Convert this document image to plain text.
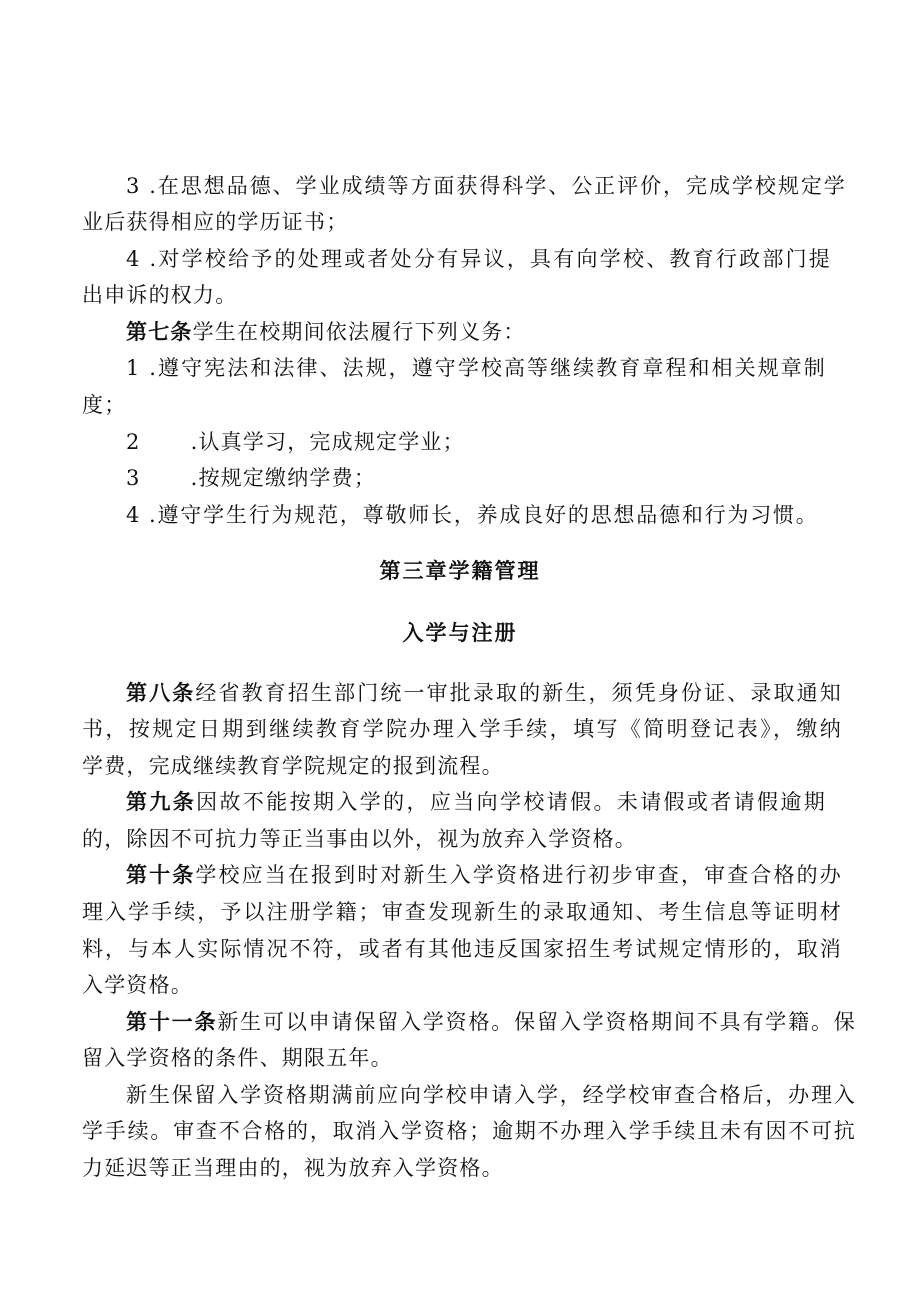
3 .在思想品德、学业成绩等方面获得科学、公正评价，完成学校规定学
业后获得相应的学历证书；
4 .对学校给予的处理或者处分有异议，具有向学校、教育行政部门提
出申诉的权力。
第七条学生在校期间依法履行下列义务：
1 .遵守宪法和法律、法规，遵守学校高等继续教育章程和相关规章制
度；
2 .认真学习，完成规定学业；
3 .按规定缴纳学费；
4 .遵守学生行为规范，尊敬师长，养成良好的思想品德和行为习惯。
第三章学籍管理
入学与注册
第八条经省教育招生部门统一审批录取的新生，须凭身份证、录取通知
书，按规定日期到继续教育学院办理入学手续，填写《简明登记表》，缴纳
学费，完成继续教育学院规定的报到流程。
第九条因故不能按期入学的，应当向学校请假。未请假或者请假逾期
的，除因不可抗力等正当事由以外，视为放弃入学资格。
第十条学校应当在报到时对新生入学资格进行初步审查，审查合格的办
理入学手续，予以注册学籍；审查发现新生的录取通知、考生信息等证明材
料，与本人实际情况不符，或者有其他违反国家招生考试规定情形的，取消
入学资格。
第十一条新生可以申请保留入学资格。保留入学资格期间不具有学籍。保
留入学资格的条件、期限五年。
新生保留入学资格期满前应向学校申请入学，经学校审查合格后，办理入
学手续。审查不合格的，取消入学资格；逾期不办理入学手续且未有因不可抗
力延迟等正当理由的，视为放弃入学资格。
